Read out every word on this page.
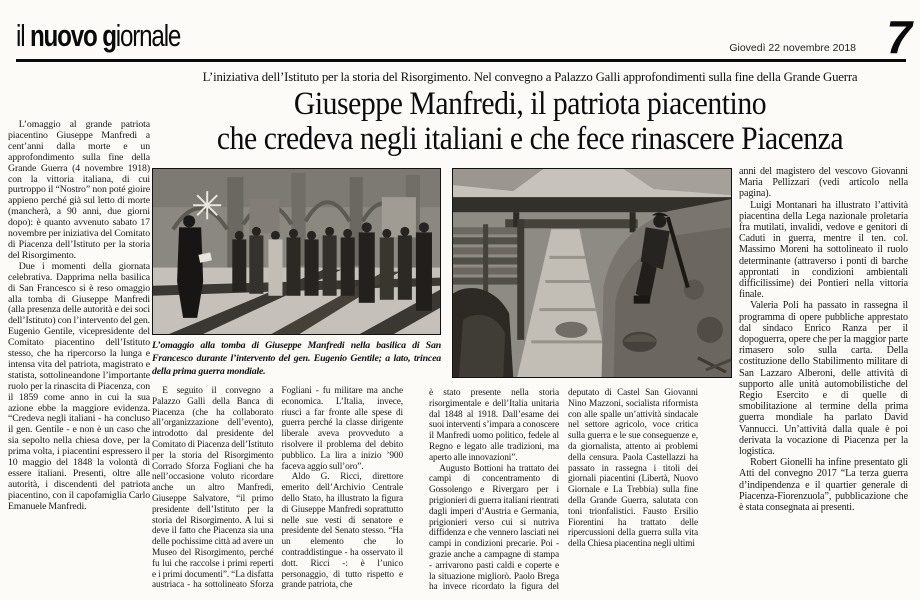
il nuovo giornale	Giovedì 22 novembre 2018 7
L’iniziativa dell’Istituto per la storia del Risorgimento. Nel convegno a Palazzo Galli approfondimenti sulla fine della Grande Guerra
Giuseppe Manfredi, il patriota piacentino
che credeva negli italiani e che fece rinascere Piacenza

L’omaggio al grande patriota piacentino Giuseppe Manfredi a cent’anni dalla morte e un approfondimento sulla fine della Grande Guerra (4 novembre 1918) con la vittoria italiana, di cui purtroppo il “Nostro” non poté gioire appieno perché già sul letto di morte (mancherà, a 90 anni, due giorni dopo): è quanto avvenuto sabato 17 novembre per iniziativa del Comitato di Piacenza dell’Istituto per la storia del Risorgimento.

Due i momenti della giornata celebrativa. Dapprima nella basilica di San Francesco si è reso omaggio alla tomba di Giuseppe Manfredi (alla presenza delle autorità e dei soci dell’Istituto) con l’intervento del gen. Eugenio Gentile, vicepresidente del Comitato piacentino dell’Istituto stesso, che ha ripercorso la lunga e intensa vita del patriota, magistrato e statista, sottolineandone l’importante ruolo per la rinascita di Piacenza, con il 1859 come anno in cui la sua azione ebbe la maggiore evidenza. “Credeva negli italiani - ha concluso il gen. Gentile - e non è un caso che sia sepolto nella chiesa dove, per la prima volta, i piacentini espressero il 10 maggio del 1848 la volontà di essere italiani. Presenti, oltre alle autorità, i discendenti del patriota piacentino, con il capofamiglia Carlo Emanuele Manfredi.

L’omaggio alla tomba di Giuseppe Manfredi nella basilica di San Francesco durante l’intervento del gen. Eugenio Gentile; a lato, trincea della prima guerra mondiale.

È seguito il convegno a Palazzo Galli della Banca di Piacenza (che ha collaborato all’organizzazione dell’evento), introdotto dal presidente del Comitato di Piacenza dell’Istituto per la storia del Risorgimento Corrado Sforza Fogliani che ha nell’occasione voluto ricordare anche un altro Manfredi, Giuseppe Salvatore, “il primo presidente dell’Istituto per la storia del Risorgimento. A lui si deve il fatto che Piacenza sia una delle pochissime città ad avere un Museo del Risorgimento, perché fu lui che raccolse i primi reperti e i primi documenti”. “La disfatta austriaca - ha sottolineato Sforza Fogliani - fu militare ma anche economica. L’Italia, invece, riuscì a far fronte alle spese di guerra perché la classe dirigente liberale aveva provveduto a risolvere il problema del debito pubblico. La lira a inizio ’900 faceva aggio sull’oro”.

Aldo G. Ricci, direttore emerito dell’Archivio Centrale dello Stato, ha illustrato la figura di Giuseppe Manfredi soprattutto nelle sue vesti di senatore e presidente del Senato stesso. “Ha un elemento che lo contraddistingue - ha osservato il dott. Ricci -: è l’unico personaggio, di tutto rispetto e grande patriota, che

è stato presente nella storia risorgimentale e dell’Italia unitaria dal 1848 al 1918. Dall’esame dei suoi interventi s’impara a conoscere il Manfredi uomo politico, fedele al Regno e legato alle tradizioni, ma aperto alle innovazioni”.

Augusto Bottioni ha trattato dei campi di concentramento di Gossolengo e Rivergaro per i prigionieri di guerra italiani rientrati dagli imperi d’Austria e Germania, prigionieri verso cui si nutriva diffidenza e che vennero lasciati nei campi in condizioni precarie. Poi - grazie anche a campagne di stampa - arrivarono pasti caldi e coperte e la situazione migliorò. Paolo Brega ha invece ricordato la figura del deputato di Castel San Giovanni Nino Mazzoni, socialista riformista con alle spalle un’attività sindacale nel settore agricolo, voce critica sulla guerra e le sue conseguenze e, da giornalista, attento ai problemi della censura. Paola Castellazzi ha passato in rassegna i titoli dei giornali piacentini (Libertà, Nuovo Giornale e La Trebbia) sulla fine della Grande Guerra, salutata con toni trionfalistici. Fausto Ersilio Fiorentini ha trattato delle ripercussioni della guerra sulla vita della Chiesa piacentina negli ultimi

anni del magistero del vescovo Giovanni Maria Pellizzari (vedi articolo nella pagina).

Luigi Montanari ha illustrato l’attività piacentina della Lega nazionale proletaria fra mutilati, invalidi, vedove e genitori di Caduti in guerra, mentre il ten. col. Massimo Moreni ha sottolineato il ruolo determinante (attraverso i ponti di barche approntati in condizioni ambientali difficilissime) dei Pontieri nella vittoria finale.

Valeria Poli ha passato in rassegna il programma di opere pubbliche apprestato dal sindaco Enrico Ranza per il dopoguerra, opere che per la maggior parte rimasero solo sulla carta. Della costituzione dello Stabilimento militare di San Lazzaro Alberoni, delle attività di supporto alle unità automobilistiche del Regio Esercito e di quelle di smobilitazione al termine della prima guerra mondiale ha parlato David Vannucci. Un’attività dalla quale è poi derivata la vocazione di Piacenza per la logistica.

Robert Gionelli ha infine presentato gli Atti del convegno 2017 “La terza guerra d’indipendenza e il quartier generale di Piacenza-Fiorenzuola”, pubblicazione che è stata consegnata ai presenti.
